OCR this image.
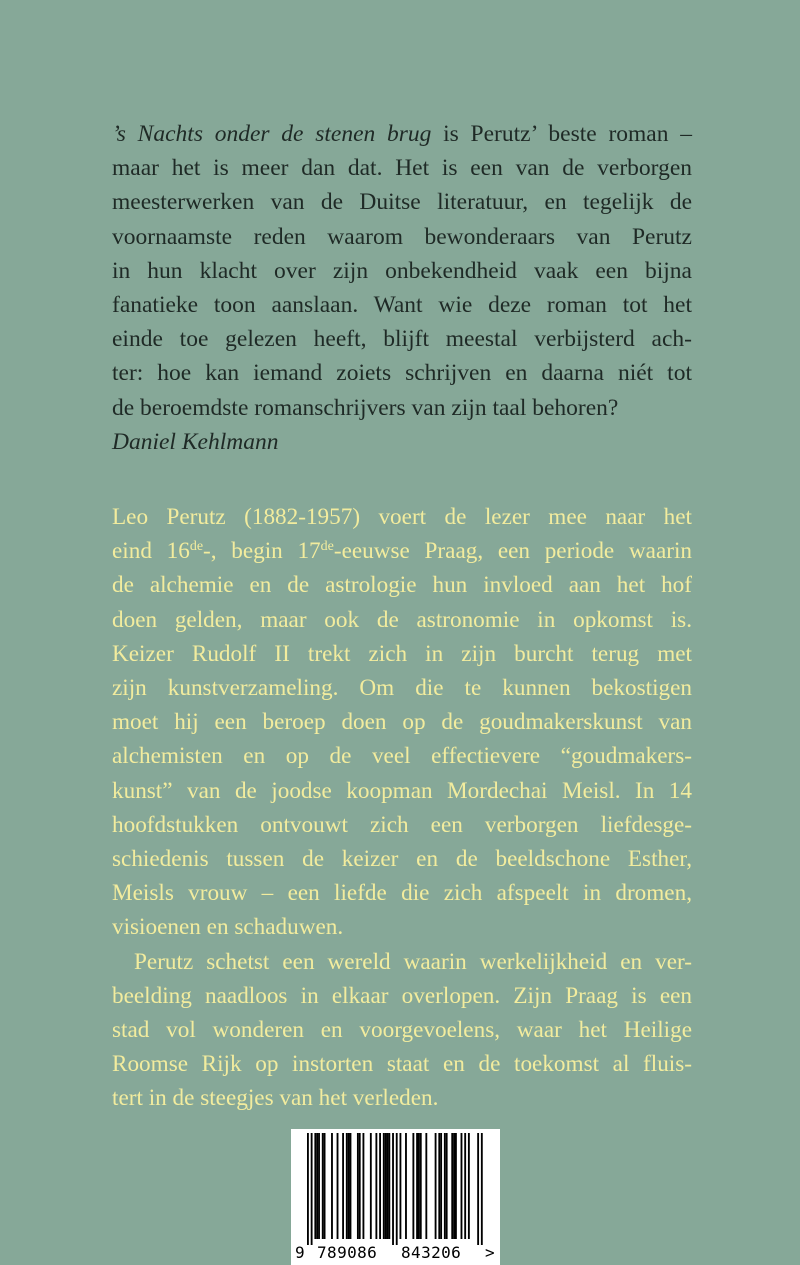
’s Nachts onder de stenen brug is Perutz’ beste roman –
maar het is meer dan dat. Het is een van de verborgen
meesterwerken van de Duitse literatuur, en tegelijk de
voornaamste reden waarom bewonderaars van Perutz
in hun klacht over zijn onbekendheid vaak een bijna
fanatieke toon aanslaan. Want wie deze roman tot het
einde toe gelezen heeft, blijft meestal verbijsterd ach-
ter: hoe kan iemand zoiets schrijven en daarna niét tot
de beroemdste romanschrijvers van zijn taal behoren?
Daniel Kehlmann
Leo Perutz (1882-1957) voert de lezer mee naar het
eind 16de-, begin 17de-eeuwse Praag, een periode waarin
de alchemie en de astrologie hun invloed aan het hof
doen gelden, maar ook de astronomie in opkomst is.
Keizer Rudolf II trekt zich in zijn burcht terug met
zijn kunstverzameling. Om die te kunnen bekostigen
moet hij een beroep doen op de goudmakerskunst van
alchemisten en op de veel effectievere “goudmakers-
kunst” van de joodse koopman Mordechai Meisl. In 14
hoofdstukken ontvouwt zich een verborgen liefdesge-
schiedenis tussen de keizer en de beeldschone Esther,
Meisls vrouw – een liefde die zich afspeelt in dromen,
visioenen en schaduwen.
Perutz schetst een wereld waarin werkelijkheid en ver-
beelding naadloos in elkaar overlopen. Zijn Praag is een
stad vol wonderen en voorgevoelens, waar het Heilige
Roomse Rijk op instorten staat en de toekomst al fluis-
tert in de steegjes van het verleden.
9 789086 843206 >
